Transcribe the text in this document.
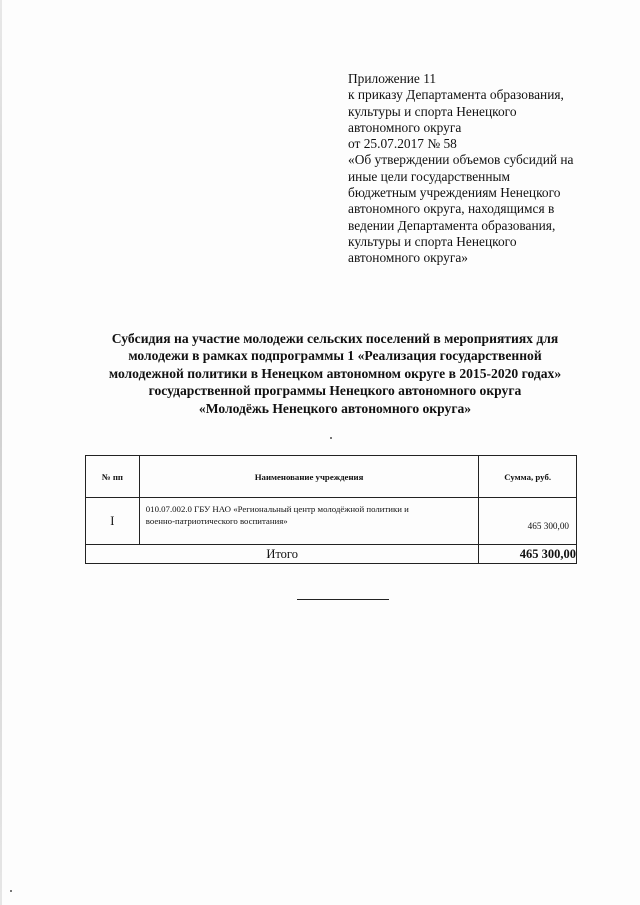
Приложение 11
к приказу Департамента образования,
культуры и спорта Ненецкого
автономного округа
от 25.07.2017 № 58
«Об утверждении объемов субсидий на
иные цели государственным
бюджетным учреждениям Ненецкого
автономного округа, находящимся в
ведении Департамента образования,
культуры и спорта Ненецкого
автономного округа»
Субсидия на участие молодежи сельских поселений в мероприятиях для
молодежи в рамках подпрограммы 1 «Реализация государственной
молодежной политики в Ненецком автономном округе в 2015-2020 годах»
государственной программы Ненецкого автономного округа
«Молодёжь Ненецкого автономного округа»
№ пп	Наименование учреждения	Сумма, руб.
I	010.07.002.0 ГБУ НАО «Региональный центр молодёжной политики и
военно-патриотического воспитания»	465 300,00
Итого		465 300,00
